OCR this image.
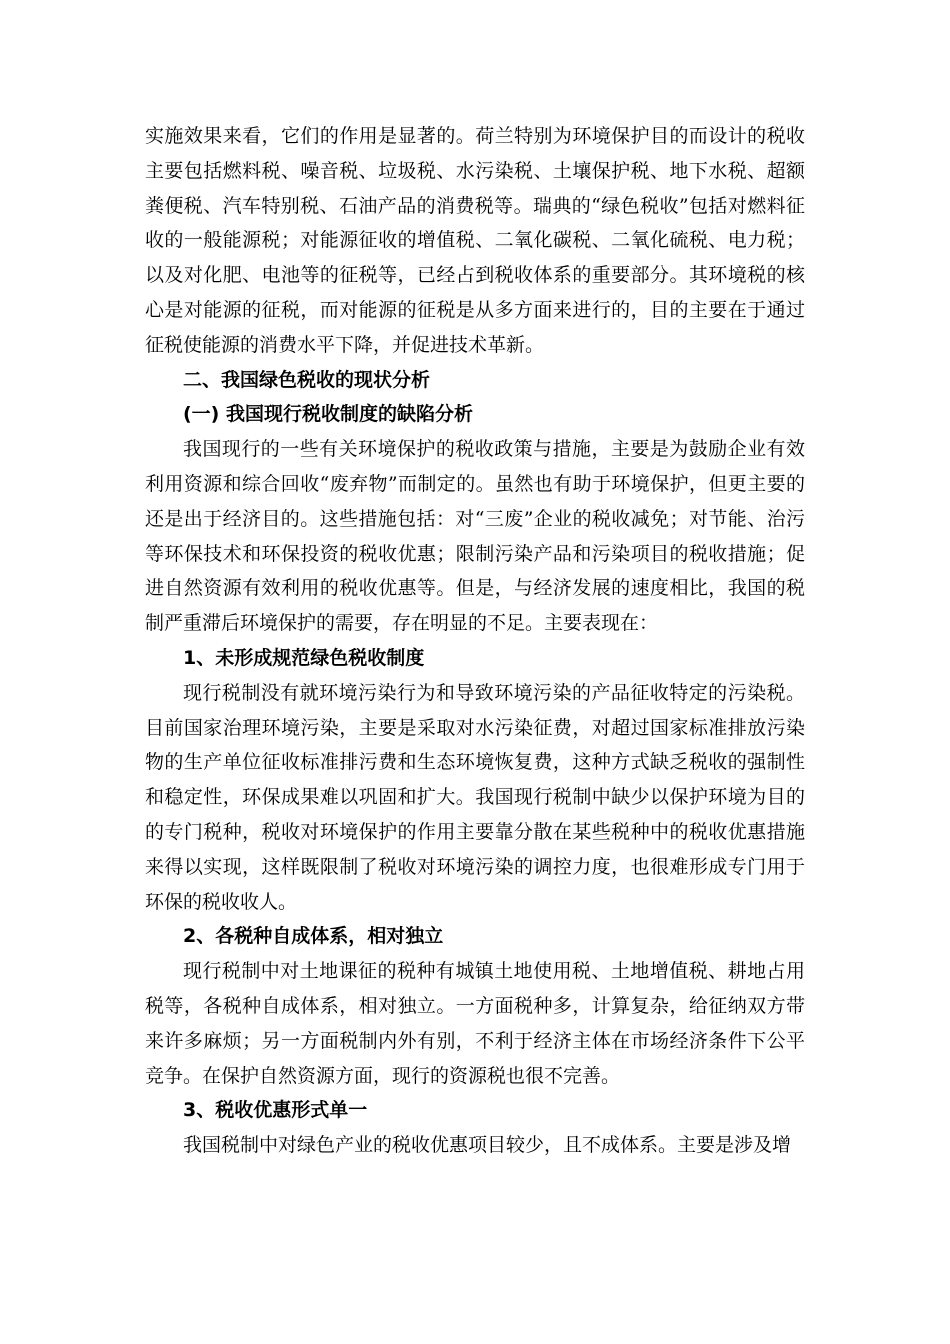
实施效果来看，它们的作用是显著的。荷兰特别为环境保护目的而设计的税收主要包括燃料税、噪音税、垃圾税、水污染税、土壤保护税、地下水税、超额粪便税、汽车特别税、石油产品的消费税等。瑞典的“绿色税收”包括对燃料征收的一般能源税；对能源征收的增值税、二氧化碳税、二氧化硫税、电力税；以及对化肥、电池等的征税等，已经占到税收体系的重要部分。其环境税的核心是对能源的征税，而对能源的征税是从多方面来进行的，目的主要在于通过征税使能源的消费水平下降，并促进技术革新。

二、我国绿色税收的现状分析

(一) 我国现行税收制度的缺陷分析

我国现行的一些有关环境保护的税收政策与措施，主要是为鼓励企业有效利用资源和综合回收“废弃物”而制定的。虽然也有助于环境保护，但更主要的还是出于经济目的。这些措施包括：对“三废”企业的税收减免；对节能、治污等环保技术和环保投资的税收优惠；限制污染产品和污染项目的税收措施；促进自然资源有效利用的税收优惠等。但是，与经济发展的速度相比，我国的税制严重滞后环境保护的需要，存在明显的不足。主要表现在：

1、未形成规范绿色税收制度

现行税制没有就环境污染行为和导致环境污染的产品征收特定的污染税。目前国家治理环境污染，主要是采取对水污染征费，对超过国家标准排放污染物的生产单位征收标准排污费和生态环境恢复费，这种方式缺乏税收的强制性和稳定性，环保成果难以巩固和扩大。我国现行税制中缺少以保护环境为目的的专门税种，税收对环境保护的作用主要靠分散在某些税种中的税收优惠措施来得以实现，这样既限制了税收对环境污染的调控力度，也很难形成专门用于环保的税收收人。

2、各税种自成体系，相对独立

现行税制中对土地课征的税种有城镇土地使用税、土地增值税、耕地占用税等，各税种自成体系，相对独立。一方面税种多，计算复杂，给征纳双方带来许多麻烦；另一方面税制内外有别，不利于经济主体在市场经济条件下公平竞争。在保护自然资源方面，现行的资源税也很不完善。

3、税收优惠形式单一

我国税制中对绿色产业的税收优惠项目较少，且不成体系。主要是涉及增
